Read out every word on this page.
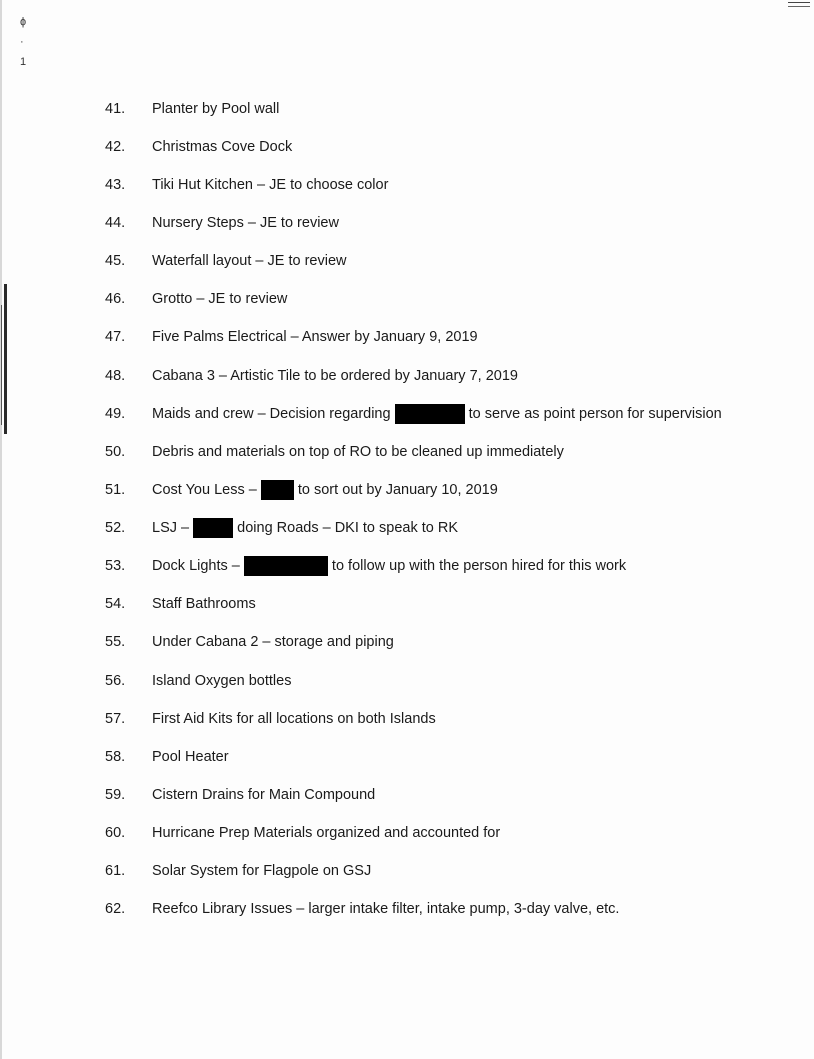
ɸ
·
1
41.	Planter by Pool wall
42.	Christmas Cove Dock
43.	Tiki Hut Kitchen – JE to choose color
44.	Nursery Steps – JE to review
45.	Waterfall layout – JE to review
46.	Grotto – JE to review
47.	Five Palms Electrical – Answer by January 9, 2019
48.	Cabana 3 – Artistic Tile to be ordered by January 7, 2019
49.	Maids and crew – Decision regarding	to serve as point person for supervision
50.	Debris and materials on top of RO to be cleaned up immediately
51.	Cost You Less –	to sort out by January 10, 2019
52.	LSJ –	doing Roads – DKI to speak to RK
53.	Dock Lights –	to follow up with the person hired for this work
54.	Staff Bathrooms
55.	Under Cabana 2 – storage and piping
56.	Island Oxygen bottles
57.	First Aid Kits for all locations on both Islands
58.	Pool Heater
59.	Cistern Drains for Main Compound
60.	Hurricane Prep Materials organized and accounted for
61.	Solar System for Flagpole on GSJ
62.	Reefco Library Issues – larger intake filter, intake pump, 3-day valve, etc.
